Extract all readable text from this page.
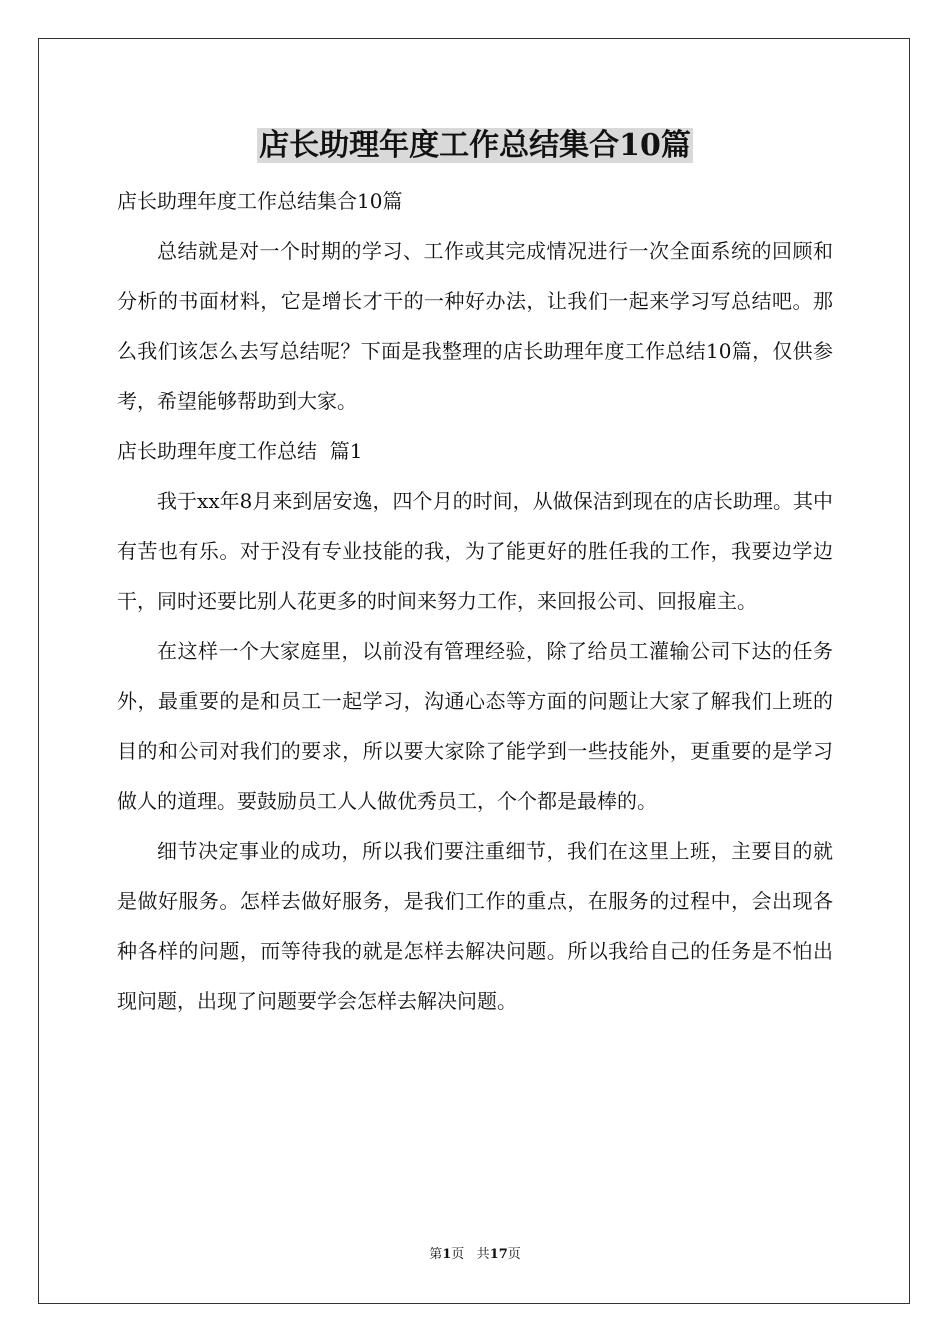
店长助理年度工作总结集合10篇

店长助理年度工作总结集合10篇

总结就是对一个时期的学习、工作或其完成情况进行一次全面系统的回顾和分析的书面材料，它是增长才干的一种好办法，让我们一起来学习写总结吧。那么我们该怎么去写总结呢？下面是我整理的店长助理年度工作总结10篇，仅供参考，希望能够帮助到大家。

店长助理年度工作总结  篇1

我于xx年8月来到居安逸，四个月的时间，从做保洁到现在的店长助理。其中有苦也有乐。对于没有专业技能的我，为了能更好的胜任我的工作，我要边学边干，同时还要比别人花更多的时间来努力工作，来回报公司、回报雇主。

在这样一个大家庭里，以前没有管理经验，除了给员工灌输公司下达的任务外，最重要的是和员工一起学习，沟通心态等方面的问题让大家了解我们上班的目的和公司对我们的要求，所以要大家除了能学到一些技能外，更重要的是学习做人的道理。要鼓励员工人人做优秀员工，个个都是最棒的。

细节决定事业的成功，所以我们要注重细节，我们在这里上班，主要目的就是做好服务。怎样去做好服务，是我们工作的重点，在服务的过程中，会出现各种各样的问题，而等待我的就是怎样去解决问题。所以我给自己的任务是不怕出现问题，出现了问题要学会怎样去解决问题。

第1页 共17页
